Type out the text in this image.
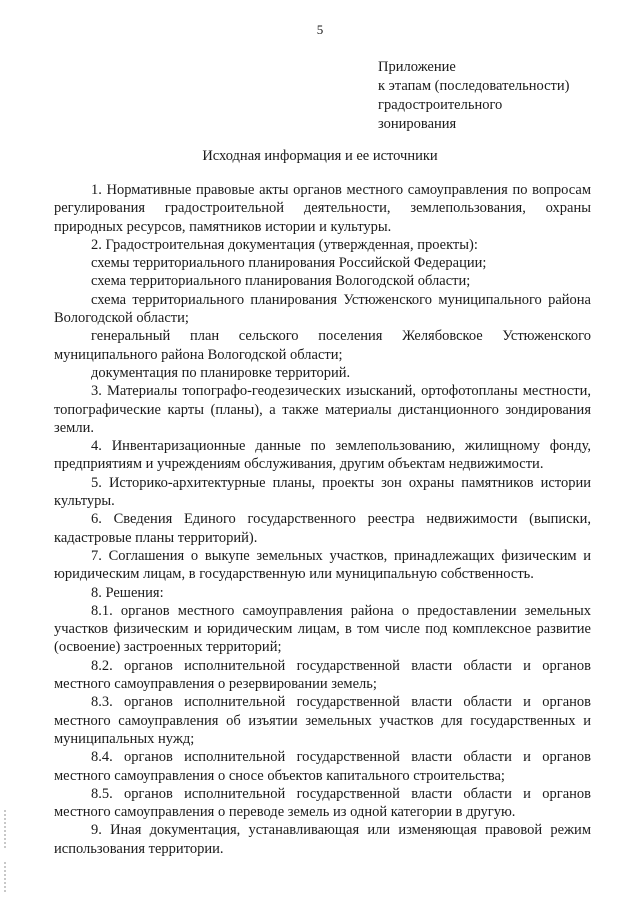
5
Приложение
к этапам (последовательности)
градостроительного
зонирования
Исходная информация и ее источники

1. Нормативные правовые акты органов местного самоуправления по вопросам регулирования градостроительной деятельности, землепользования, охраны природных ресурсов, памятников истории и культуры.

2. Градостроительная документация (утвержденная, проекты):

схемы территориального планирования Российской Федерации;

схема территориального планирования Вологодской области;

схема территориального планирования Устюженского муниципального района Вологодской области;

генеральный план сельского поселения Желябовское Устюженского муниципального района Вологодской области;

документация по планировке территорий.

3. Материалы топографо-геодезических изысканий, ортофотопланы местности, топографические карты (планы), а также материалы дистанционного зондирования земли.

4. Инвентаризационные данные по землепользованию, жилищному фонду, предприятиям и учреждениям обслуживания, другим объектам недвижимости.

5. Историко-архитектурные планы, проекты зон охраны памятников истории культуры.

6. Сведения Единого государственного реестра недвижимости (выписки, кадастровые планы территорий).

7. Соглашения о выкупе земельных участков, принадлежащих физическим и юридическим лицам, в государственную или муниципальную собственность.

8. Решения:

8.1. органов местного самоуправления района о предоставлении земельных участков физическим и юридическим лицам, в том числе под комплексное развитие (освоение) застроенных территорий;

8.2. органов исполнительной государственной власти области и органов местного самоуправления о резервировании земель;

8.3. органов исполнительной государственной власти области и органов местного самоуправления об изъятии земельных участков для государственных и муниципальных нужд;

8.4. органов исполнительной государственной власти области и органов местного самоуправления о сносе объектов капитального строительства;

8.5. органов исполнительной государственной власти области и органов местного самоуправления о переводе земель из одной категории в другую.

9. Иная документация, устанавливающая или изменяющая правовой режим использования территории.
